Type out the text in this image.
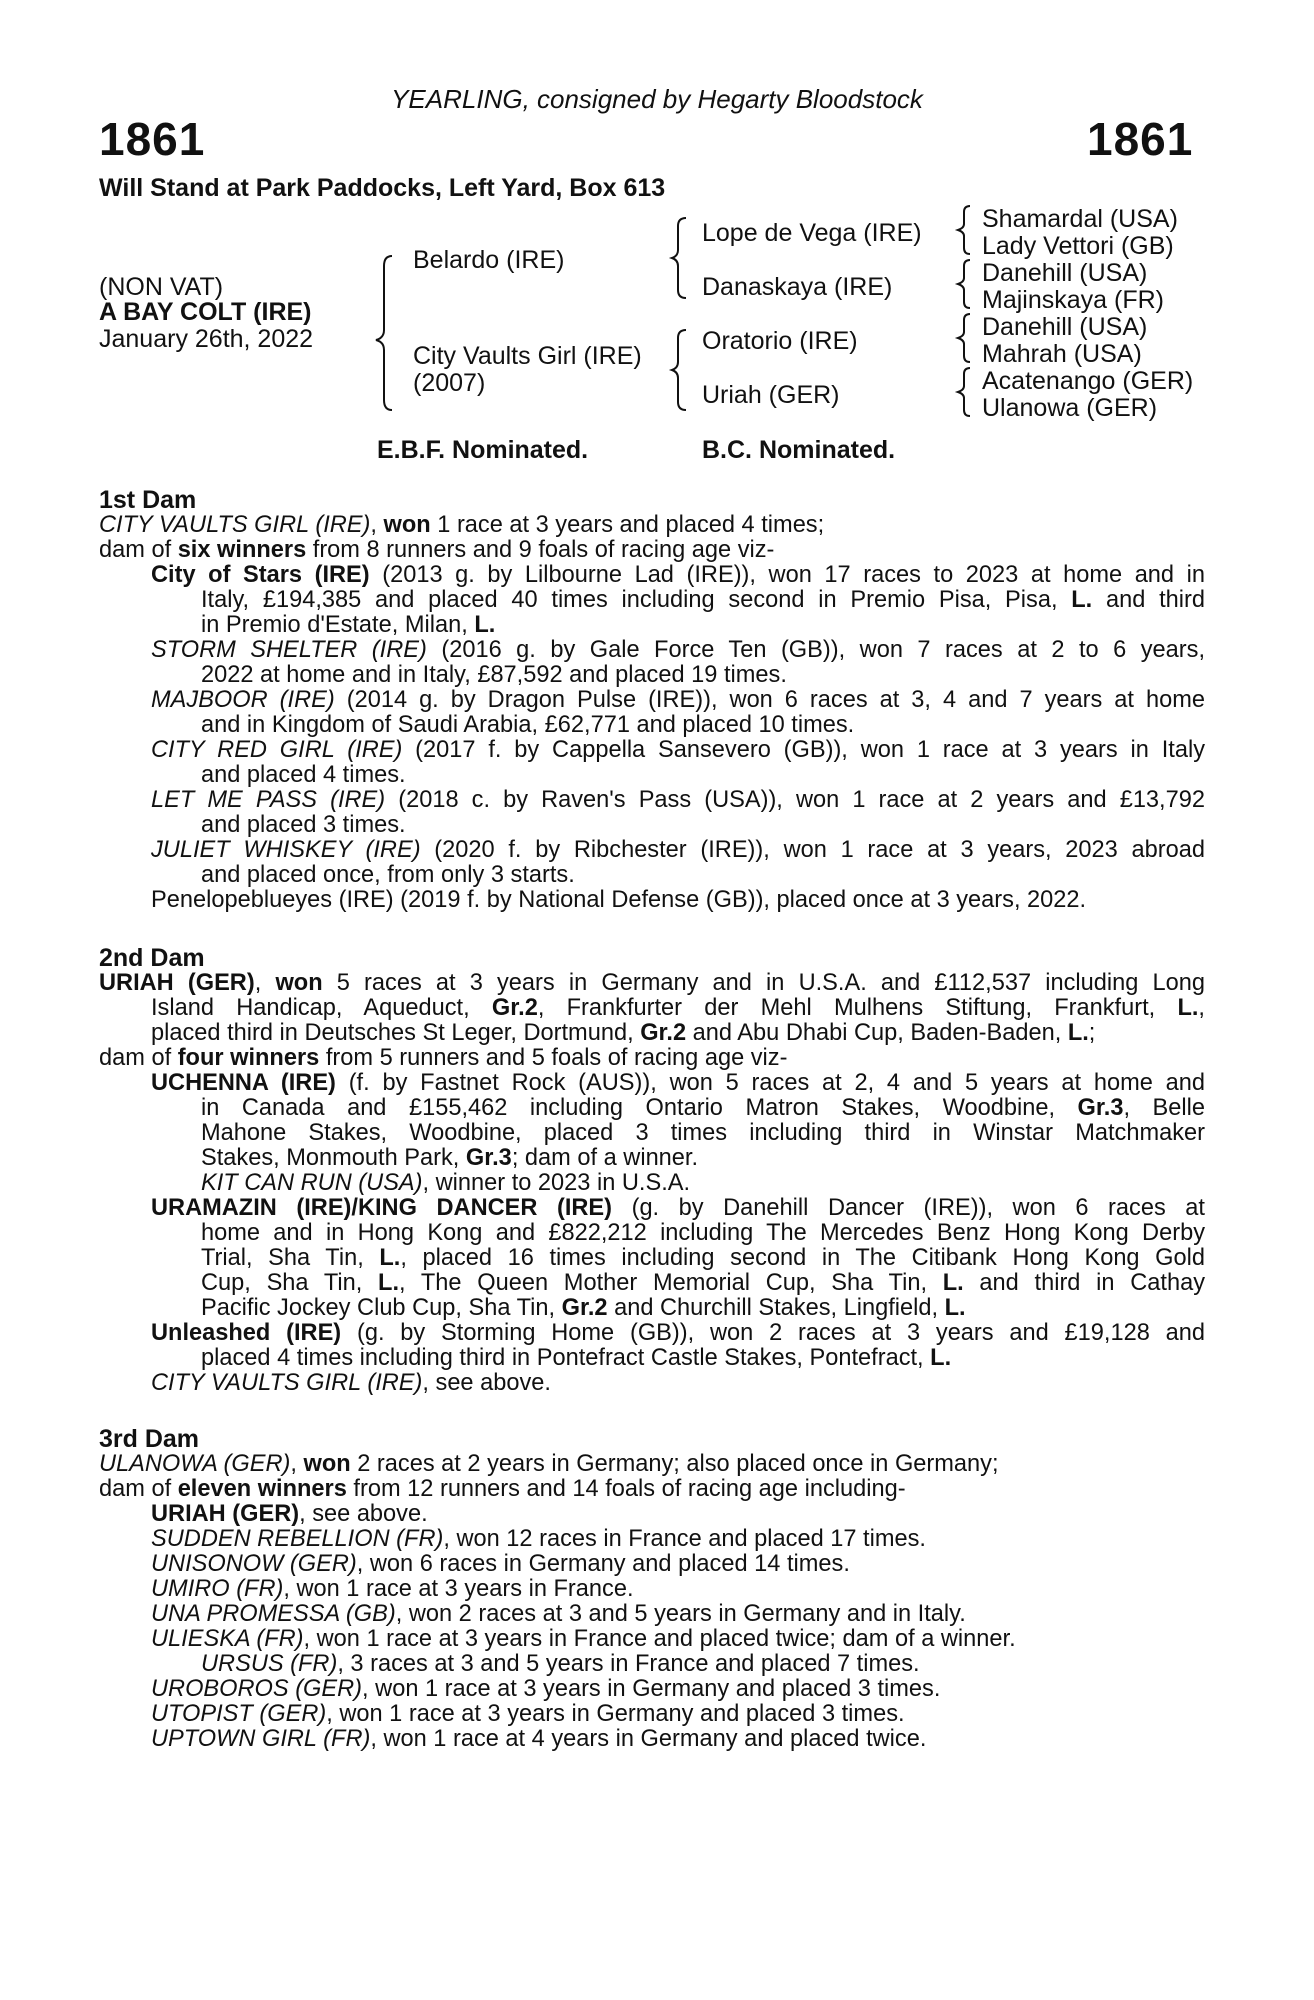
YEARLING, consigned by Hegarty Bloodstock
1861	1861
Will Stand at Park Paddocks, Left Yard, Box 613
(NON VAT)
A BAY COLT (IRE)
January 26th, 2022
Belardo (IRE)
City Vaults Girl (IRE)
(2007)
Lope de Vega (IRE)
Danaskaya (IRE)
Oratorio (IRE)
Uriah (GER)
Shamardal (USA)
Lady Vettori (GB)
Danehill (USA)
Majinskaya (FR)
Danehill (USA)
Mahrah (USA)
Acatenango (GER)
Ulanowa (GER)
E.B.F. Nominated.	B.C. Nominated.
1st Dam
CITY VAULTS GIRL (IRE), won 1 race at 3 years and placed 4 times;
dam of six winners from 8 runners and 9 foals of racing age viz-
City of Stars (IRE) (2013 g. by Lilbourne Lad (IRE)), won 17 races to 2023 at home and in
Italy, £194,385 and placed 40 times including second in Premio Pisa, Pisa, L. and third
in Premio d'Estate, Milan, L.
STORM SHELTER (IRE) (2016 g. by Gale Force Ten (GB)), won 7 races at 2 to 6 years,
2022 at home and in Italy, £87,592 and placed 19 times.
MAJBOOR (IRE) (2014 g. by Dragon Pulse (IRE)), won 6 races at 3, 4 and 7 years at home
and in Kingdom of Saudi Arabia, £62,771 and placed 10 times.
CITY RED GIRL (IRE) (2017 f. by Cappella Sansevero (GB)), won 1 race at 3 years in Italy
and placed 4 times.
LET ME PASS (IRE) (2018 c. by Raven's Pass (USA)), won 1 race at 2 years and £13,792
and placed 3 times.
JULIET WHISKEY (IRE) (2020 f. by Ribchester (IRE)), won 1 race at 3 years, 2023 abroad
and placed once, from only 3 starts.
Penelopeblueyes (IRE) (2019 f. by National Defense (GB)), placed once at 3 years, 2022.
2nd Dam
URIAH (GER), won 5 races at 3 years in Germany and in U.S.A. and £112,537 including Long
Island Handicap, Aqueduct, Gr.2, Frankfurter der Mehl Mulhens Stiftung, Frankfurt, L.,
placed third in Deutsches St Leger, Dortmund, Gr.2 and Abu Dhabi Cup, Baden-Baden, L.;
dam of four winners from 5 runners and 5 foals of racing age viz-
UCHENNA (IRE) (f. by Fastnet Rock (AUS)), won 5 races at 2, 4 and 5 years at home and
in Canada and £155,462 including Ontario Matron Stakes, Woodbine, Gr.3, Belle
Mahone Stakes, Woodbine, placed 3 times including third in Winstar Matchmaker
Stakes, Monmouth Park, Gr.3; dam of a winner.
KIT CAN RUN (USA), winner to 2023 in U.S.A.
URAMAZIN (IRE)/KING DANCER (IRE) (g. by Danehill Dancer (IRE)), won 6 races at
home and in Hong Kong and £822,212 including The Mercedes Benz Hong Kong Derby
Trial, Sha Tin, L., placed 16 times including second in The Citibank Hong Kong Gold
Cup, Sha Tin, L., The Queen Mother Memorial Cup, Sha Tin, L. and third in Cathay
Pacific Jockey Club Cup, Sha Tin, Gr.2 and Churchill Stakes, Lingfield, L.
Unleashed (IRE) (g. by Storming Home (GB)), won 2 races at 3 years and £19,128 and
placed 4 times including third in Pontefract Castle Stakes, Pontefract, L.
CITY VAULTS GIRL (IRE), see above.
3rd Dam
ULANOWA (GER), won 2 races at 2 years in Germany; also placed once in Germany;
dam of eleven winners from 12 runners and 14 foals of racing age including-
URIAH (GER), see above.
SUDDEN REBELLION (FR), won 12 races in France and placed 17 times.
UNISONOW (GER), won 6 races in Germany and placed 14 times.
UMIRO (FR), won 1 race at 3 years in France.
UNA PROMESSA (GB), won 2 races at 3 and 5 years in Germany and in Italy.
ULIESKA (FR), won 1 race at 3 years in France and placed twice; dam of a winner.
URSUS (FR), 3 races at 3 and 5 years in France and placed 7 times.
UROBOROS (GER), won 1 race at 3 years in Germany and placed 3 times.
UTOPIST (GER), won 1 race at 3 years in Germany and placed 3 times.
UPTOWN GIRL (FR), won 1 race at 4 years in Germany and placed twice.
